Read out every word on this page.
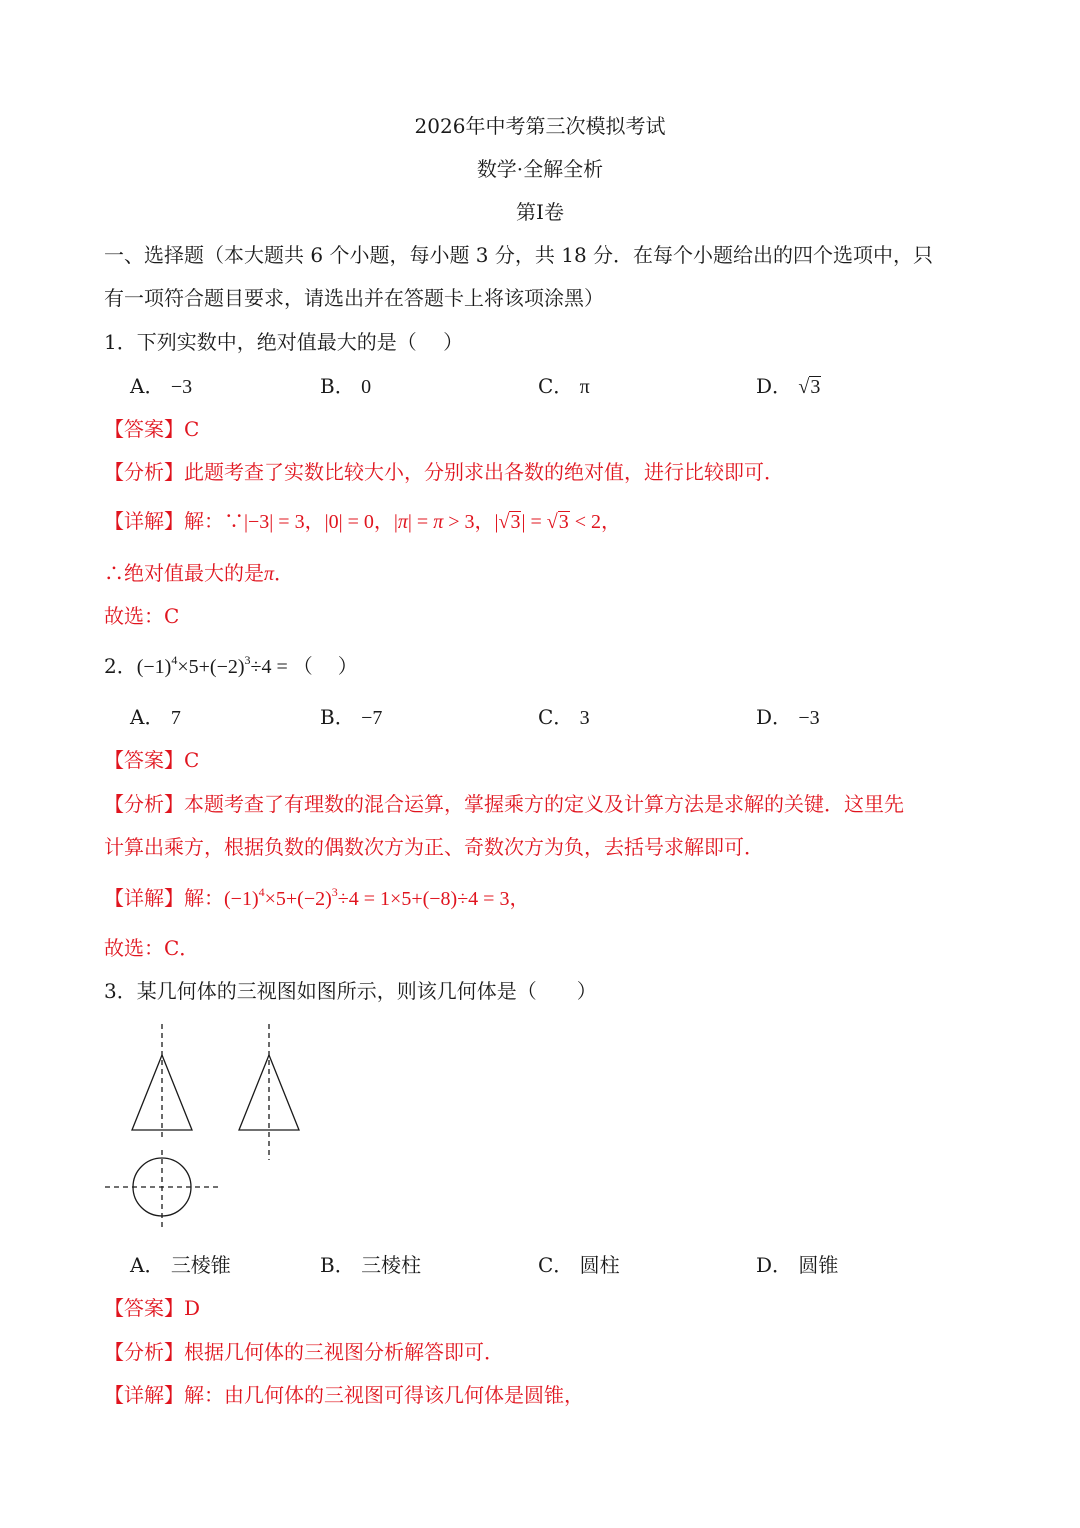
2026年中考第三次模拟考试
数学·全解全析
第Ⅰ卷
一、选择题（本大题共 6 个小题，每小题 3 分，共 18 分．在每个小题给出的四个选项中，只
有一项符合题目要求，请选出并在答题卡上将该项涂黑）
1．下列实数中，绝对值最大的是（　 ）
A． −3	B． 0	C． π	D． √3
【答案】C
【分析】此题考查了实数比较大小，分别求出各数的绝对值，进行比较即可．
【详解】解：∵|−3| = 3，|0| = 0，|π| = π > 3，|√3| = √3 < 2，
∴绝对值最大的是π．
故选：C
2．$(-1)^4\times 5+(-2)^3\div 4$ = （　 ）
A． 7	B． −7	C． 3	D． −3
【答案】C
【分析】本题考查了有理数的混合运算，掌握乘方的定义及计算方法是求解的关键．这里先
计算出乘方，根据负数的偶数次方为正、奇数次方为负，去括号求解即可．
【详解】解：$(-1)^4\times 5+(-2)^3\div 4 = 1\times 5+(-8)\div 4 = 3$，
故选：C．
3．某几何体的三视图如图所示，则该几何体是（　　）
A． 三棱锥	B． 三棱柱	C． 圆柱	D． 圆锥
【答案】D
【分析】根据几何体的三视图分析解答即可．
【详解】解：由几何体的三视图可得该几何体是圆锥，
